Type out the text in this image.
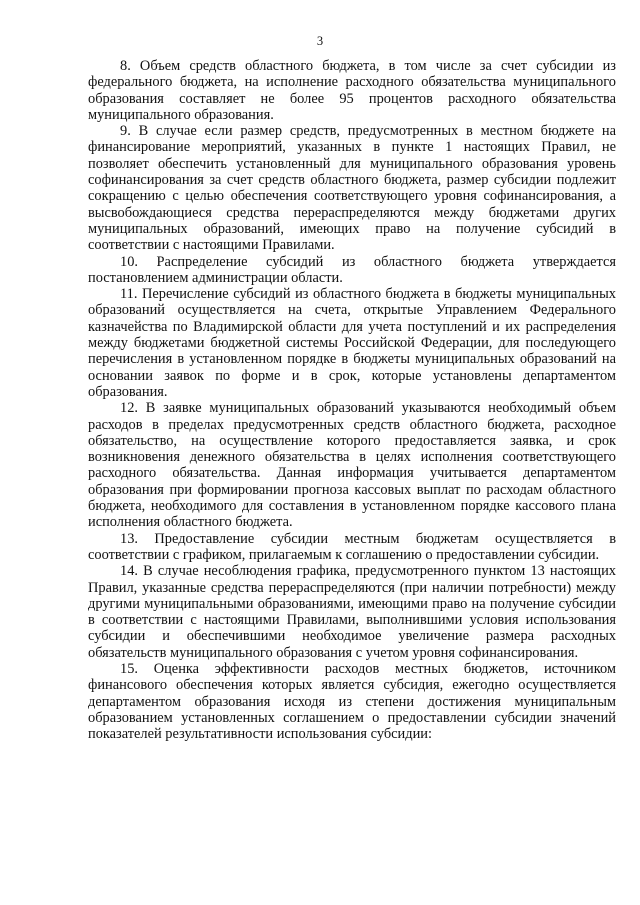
3

8. Объем средств областного бюджета, в том числе за счет субсидии из федерального бюджета, на исполнение расходного обязательства муниципального образования составляет не более 95 процентов расходного обязательства муниципального образования.

9. В случае если размер средств, предусмотренных в местном бюджете на финансирование мероприятий, указанных в пункте 1 настоящих Правил, не позволяет обеспечить установленный для муниципального образования уровень софинансирования за счет средств областного бюджета, размер субсидии подлежит сокращению с целью обеспечения соответствующего уровня софинансирования, а высвобождающиеся средства перераспределяются между бюджетами других муниципальных образований, имеющих право на получение субсидий в соответствии с настоящими Правилами.

10. Распределение субсидий из областного бюджета утверждается постановлением администрации области.

11. Перечисление субсидий из областного бюджета в бюджеты муниципальных образований осуществляется на счета, открытые Управлением Федерального казначейства по Владимирской области для учета поступлений и их распределения между бюджетами бюджетной системы Российской Федерации, для последующего перечисления в установленном порядке в бюджеты муниципальных образований на основании заявок по форме и в срок, которые установлены департаментом образования.

12. В заявке муниципальных образований указываются необходимый объем расходов в пределах предусмотренных средств областного бюджета, расходное обязательство, на осуществление которого предоставляется заявка, и срок возникновения денежного обязательства в целях исполнения соответствующего расходного обязательства. Данная информация учитывается департаментом образования при формировании прогноза кассовых выплат по расходам областного бюджета, необходимого для составления в установленном порядке кассового плана исполнения областного бюджета.

13. Предоставление субсидии местным бюджетам осуществляется в соответствии с графиком, прилагаемым к соглашению о предоставлении субсидии.

14. В случае несоблюдения графика, предусмотренного пунктом 13 настоящих Правил, указанные средства перераспределяются (при наличии потребности) между другими муниципальными образованиями, имеющими право на получение субсидии в соответствии с настоящими Правилами, выполнившими условия использования субсидии и обеспечившими необходимое увеличение размера расходных обязательств муниципального образования с учетом уровня софинансирования.

15. Оценка эффективности расходов местных бюджетов, источником финансового обеспечения которых является субсидия, ежегодно осуществляется департаментом образования исходя из степени достижения муниципальным образованием установленных соглашением о предоставлении субсидии значений показателей результативности использования субсидии:
